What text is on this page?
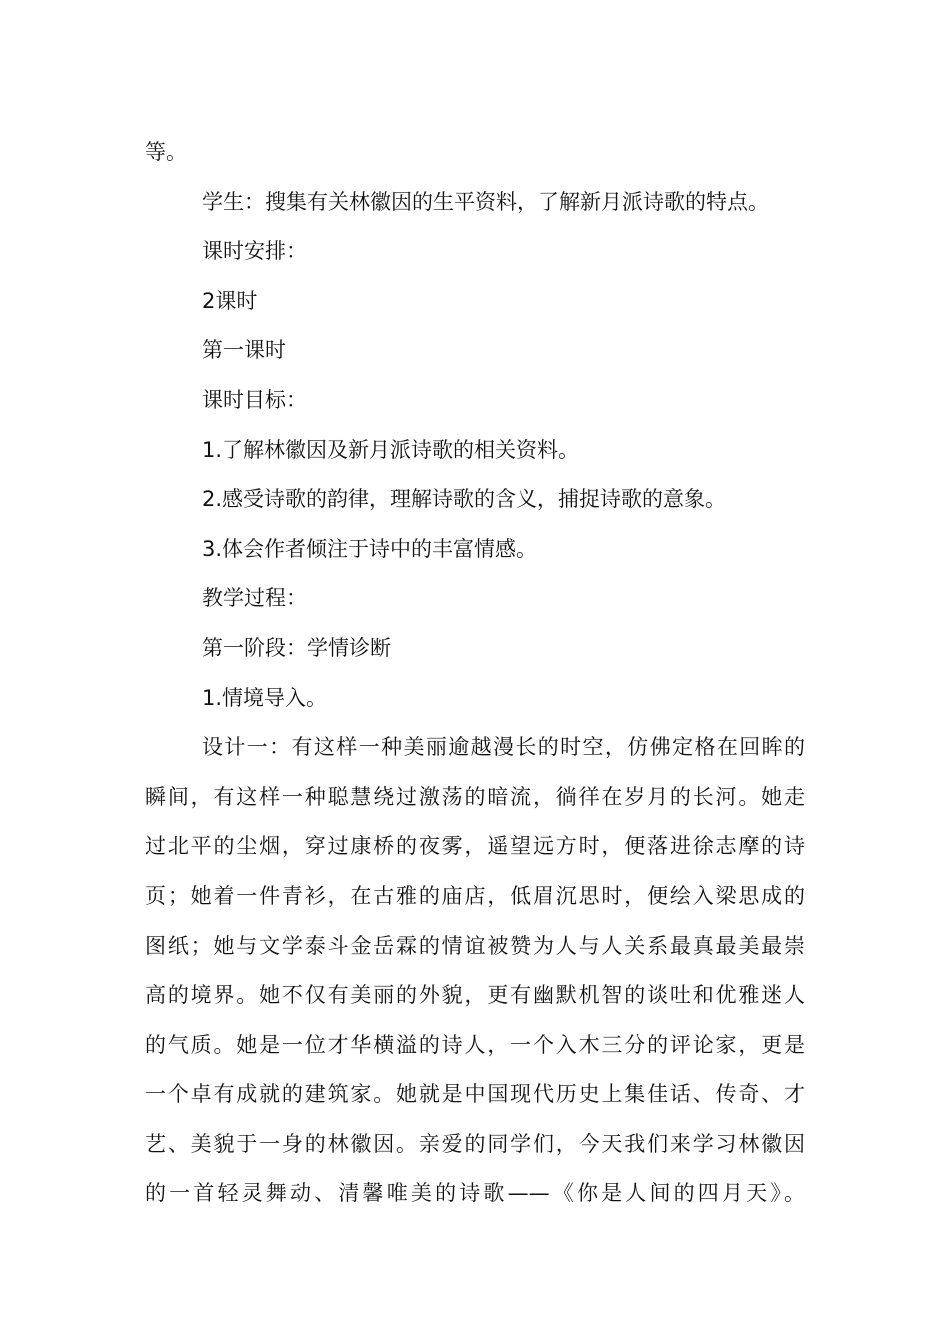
等。

学生：搜集有关林徽因的生平资料，了解新月派诗歌的特点。

课时安排：

2课时

第一课时

课时目标：

1.了解林徽因及新月派诗歌的相关资料。

2.感受诗歌的韵律，理解诗歌的含义，捕捉诗歌的意象。

3.体会作者倾注于诗中的丰富情感。

教学过程：

第一阶段：学情诊断

1.情境导入。

设计一：有这样一种美丽逾越漫长的时空，仿佛定格在回眸的

瞬间，有这样一种聪慧绕过激荡的暗流，徜徉在岁月的长河。她走

过北平的尘烟，穿过康桥的夜雾，遥望远方时，便落进徐志摩的诗

页；她着一件青衫，在古雅的庙店，低眉沉思时，便绘入梁思成的

图纸；她与文学泰斗金岳霖的情谊被赞为人与人关系最真最美最崇

高的境界。她不仅有美丽的外貌，更有幽默机智的谈吐和优雅迷人

的气质。她是一位才华横溢的诗人，一个入木三分的评论家，更是

一个卓有成就的建筑家。她就是中国现代历史上集佳话、传奇、才

艺、美貌于一身的林徽因。亲爱的同学们，今天我们来学习林徽因

的一首轻灵舞动、清馨唯美的诗歌——《你是人间的四月天》。
